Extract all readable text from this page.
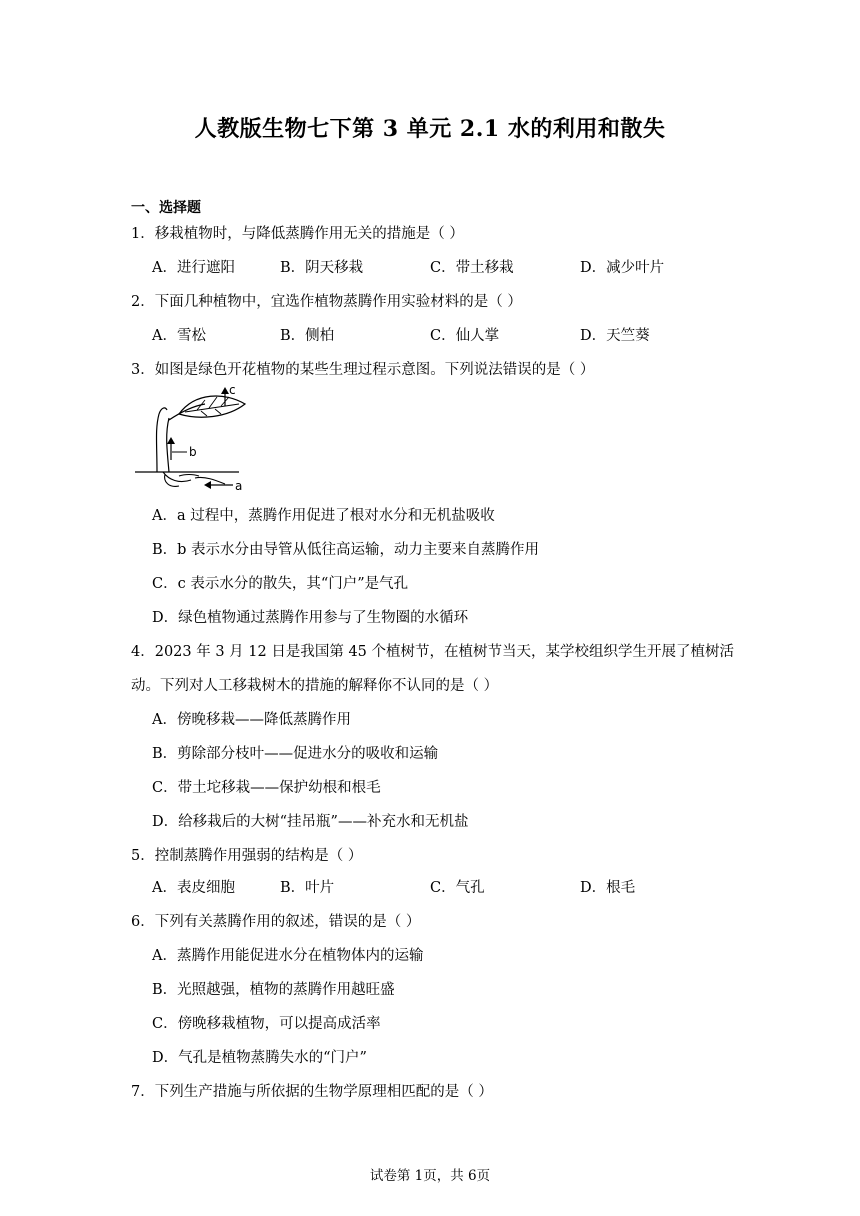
人教版生物七下第 3 单元 2.1 水的利用和散失
一、选择题
1．移栽植物时，与降低蒸腾作用无关的措施是（ ）
A．进行遮阳	B．阴天移栽	C．带土移栽	D．减少叶片
2．下面几种植物中，宜选作植物蒸腾作用实验材料的是（ ）
A．雪松	B．侧柏	C．仙人掌	D．天竺葵
3．如图是绿色开花植物的某些生理过程示意图。下列说法错误的是（ ）
c
b
a
A．a 过程中，蒸腾作用促进了根对水分和无机盐吸收
B．b 表示水分由导管从低往高运输，动力主要来自蒸腾作用
C．c 表示水分的散失，其“门户”是气孔
D．绿色植物通过蒸腾作用参与了生物圈的水循环
4．2023 年 3 月 12 日是我国第 45 个植树节，在植树节当天，某学校组织学生开展了植树活
动。下列对人工移栽树木的措施的解释你不认同的是（ ）
A．傍晚移栽——降低蒸腾作用
B．剪除部分枝叶——促进水分的吸收和运输
C．带土坨移栽——保护幼根和根毛
D．给移栽后的大树“挂吊瓶”——补充水和无机盐
5．控制蒸腾作用强弱的结构是（ ）
A．表皮细胞	B．叶片	C．气孔	D．根毛
6．下列有关蒸腾作用的叙述，错误的是（ ）
A．蒸腾作用能促进水分在植物体内的运输
B．光照越强，植物的蒸腾作用越旺盛
C．傍晚移栽植物，可以提高成活率
D．气孔是植物蒸腾失水的“门户”
7．下列生产措施与所依据的生物学原理相匹配的是（ ）
试卷第 1页，共 6页
